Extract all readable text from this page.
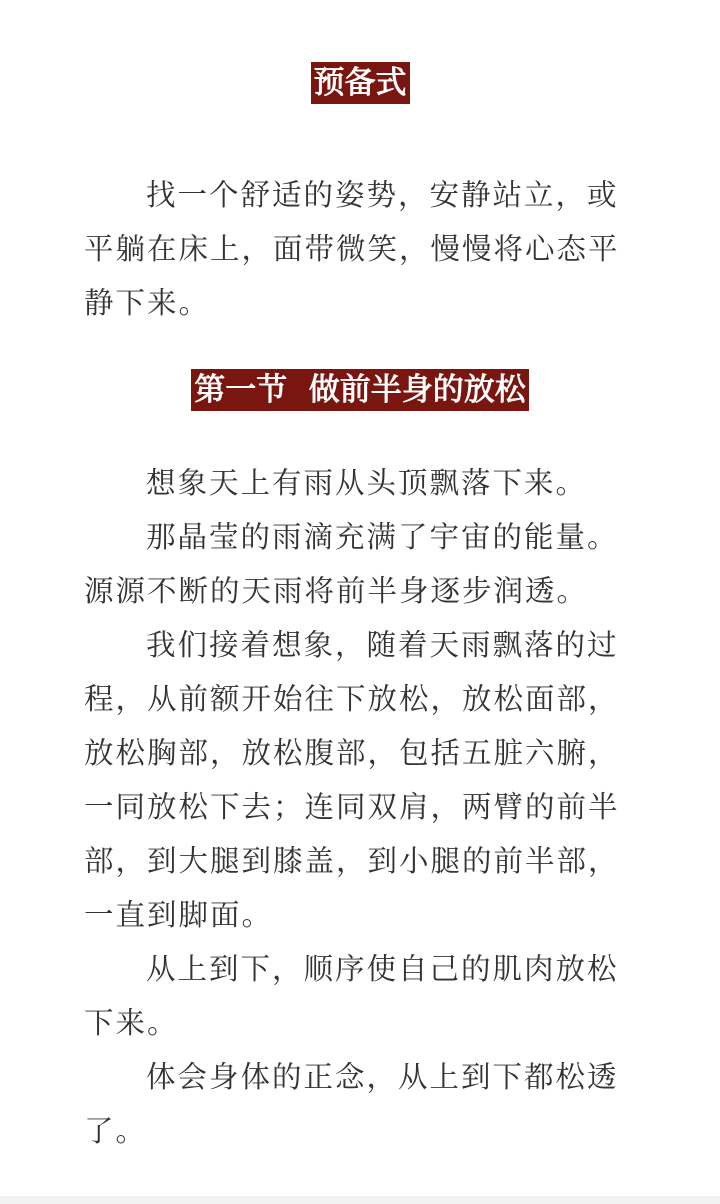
预备式

找一个舒适的姿势，安静站立，或平躺在床上，面带微笑，慢慢将心态平静下来。

第一节  做前半身的放松

想象天上有雨从头顶飘落下来。

那晶莹的雨滴充满了宇宙的能量。源源不断的天雨将前半身逐步润透。

我们接着想象，随着天雨飘落的过程，从前额开始往下放松，放松面部，放松胸部，放松腹部，包括五脏六腑，一同放松下去；连同双肩，两臂的前半部，到大腿到膝盖，到小腿的前半部，一直到脚面。

从上到下，顺序使自己的肌肉放松下来。

体会身体的正念，从上到下都松透了。
